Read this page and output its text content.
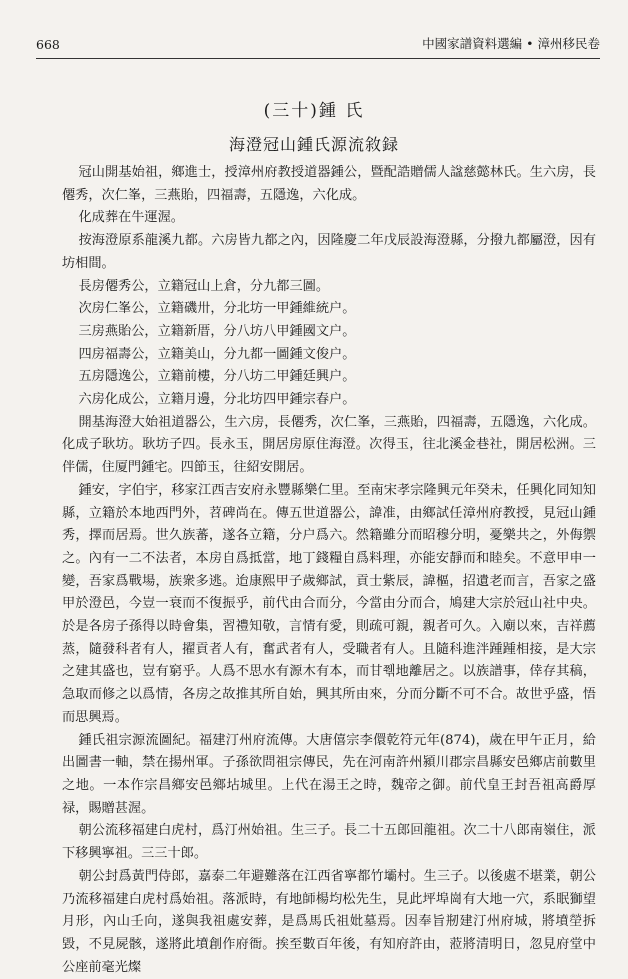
668	中國家譜資料選編 • 漳州移民卷
(三十)鍾 氏
海澄冠山鍾氏源流敘録

冠山開基始祖，鄉進士，授漳州府教授道器鍾公，暨配誥贈儒人諡慈懿林氏。生六房，長僊秀，次仁峯，三燕貽，四福壽，五隱逸，六化成。

化成葬在牛運渥。

按海澄原系龍溪九都。六房皆九都之內，因隆慶二年戊辰設海澄縣，分撥九都屬澄，因有坊相間。

長房僊秀公，立籍冠山上倉，分九都三圖。

次房仁峯公，立籍磯卅，分北坊一甲鍾維統户。

三房燕貽公，立籍新厝，分八坊八甲鍾國文户。

四房福壽公，立籍美山，分九都一圖鍾文俊户。

五房隱逸公，立籍前樓，分八坊二甲鍾廷興户。

六房化成公，立籍月邊，分北坊四甲鍾宗春户。

開基海澄大始祖道器公，生六房，長僊秀，次仁峯，三燕貽，四福壽，五隱逸，六化成。化成子耿坊。耿坊子四。長永玉，開居房原住海澄。次得玉，往北溪金巷社，開居松洲。三伴儒，住厦門鍾宅。四節玉，往紹安開居。

鍾安，字伯宇，移家江西吉安府永豐縣樂仁里。至南宋孝宗隆興元年癸未，任興化同知知縣，立籍於本地西門外，苕碑尚在。傳五世道器公，諱准，由鄉試任漳州府教授，見冠山鍾秀，擇而居焉。世久族蕃，遂各立籍，分户爲六。然籍雖分而昭穆分明，憂樂共之，外侮禦之。內有一二不法者，本房自爲抵當，地丁錢糧自爲料理，亦能安靜而和睦矣。不意甲申一變，吾家爲戰場，族衆多逃。迨康熙甲子歲鄉試，貢士紫辰，諱樞，招遺老而言，吾家之盛甲於澄邑，今豈一衰而不復振乎，前代由合而分，今當由分而合，鳩建大宗於冠山社中央。於是各房子孫得以時會集，習禮知敬，言情有愛，則疏可親，親者可久。入廟以來，吉祥薦蒸，隨發科者有人，擢貢者人有，奮武者有人，受職者有人。且隨科進泮踵踵相接，是大宗之建其盛也，豈有窮乎。人爲不思水有源木有本，而甘쮂地離居之。以族譜事，倖存其稿，急取而修之以爲情，各房之故推其所自始，興其所由來，分而分斷不可不合。故世乎盛，悟而思興焉。

鍾氏祖宗源流圖紀。福建汀州府流傳。大唐僖宗李儇乾符元年(874)，歲在甲午正月，給出圖書一軸，禁在揚州軍。子孫欲問祖宗傳民，先在河南許州潁川郡宗昌縣安邑鄉店前數里之地。一本作宗昌鄉安邑鄉坫城里。上代在湯王之時，魏帝之御。前代皇王封吾祖高爵厚禄，賜贈甚渥。

朝公流移福建白虎村，爲汀州始祖。生三子。長二十五郎回龍祖。次二十八郎南嶺住，派下移興寧祖。三三十郎。

朝公封爲黃門侍郎，嘉泰二年避難落在江西省寧都竹壩村。生三子。以後處不堪業，朝公乃流移福建白虎村爲始祖。落派時，有地師楊均松先生，見此坪埠崗有大地一穴，系眠獅望月形，內山壬向，遂與我祖處安葬，是爲馬氏祖妣墓焉。因奉旨剏建汀州府城，將墳塋拆毀，不見屍骸，遂將此墳創作府衙。挨至數百年後，有知府許由，蒞將清明日，忽見府堂中公座前毫光燦
